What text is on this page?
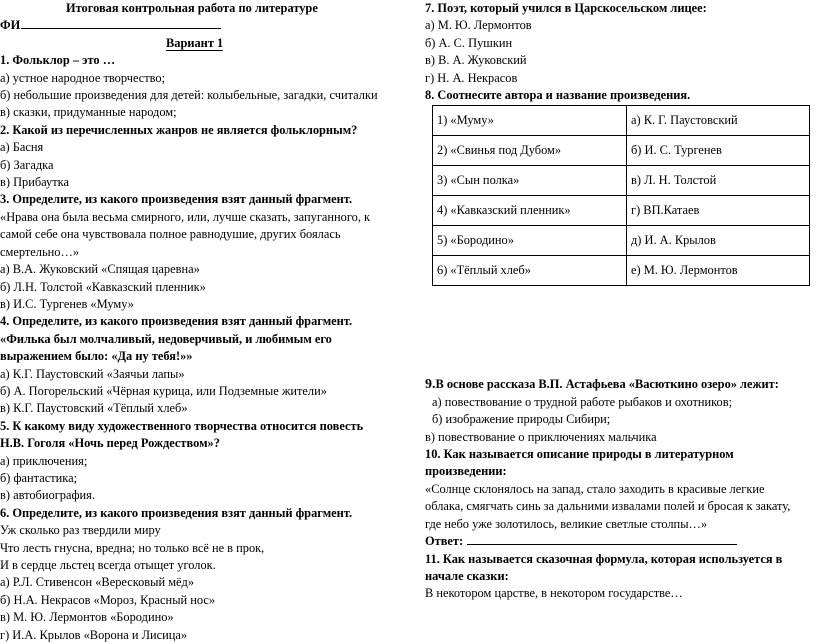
Итоговая контрольная работа по литературе
ФИ
Вариант 1
1. Фольклор – это …
а) устное народное творчество;
б) небольшие произведения для детей: колыбельные, загадки, считалки
в) сказки, придуманные народом;
2. Какой из перечисленных жанров не является фольклорным?
а) Басня
б) Загадка
в) Прибаутка
3. Определите, из какого произведения взят данный фрагмент.
«Нрава она была весьма смирного, или, лучше сказать, запуганного, к
самой себе она чувствовала полное равнодушие, других боялась
смертельно…»
а) В.А. Жуковский «Спящая царевна»
б) Л.Н. Толстой «Кавказский пленник»
в) И.С. Тургенев «Муму»
4. Определите, из какого произведения взят данный фрагмент.
«Филька был молчаливый, недоверчивый, и любимым его
выражением было: «Да ну тебя!»»
а) К.Г. Паустовский «Заячьи лапы»
б) А. Погорельский «Чёрная курица, или Подземные жители»
в) К.Г. Паустовский «Тёплый хлеб»
5. К какому виду художественного творчества относится повесть
Н.В. Гоголя «Ночь перед Рождеством»?
а) приключения;
б) фантастика;
в) автобиография.
6. Определите, из какого произведения взят данный фрагмент.
Уж сколько раз твердили миру
Что лесть гнусна, вредна; но только всё не в прок,
И в сердце льстец всегда отыщет уголок.
а) Р.Л. Стивенсон «Вересковый мёд»
б) Н.А. Некрасов «Мороз, Красный нос»
в) М. Ю. Лермонтов «Бородино»
г) И.А. Крылов «Ворона и Лисица»
7. Поэт, который учился в Царскосельском лицее:
а) М. Ю. Лермонтов
б) А. С. Пушкин
в) В. А. Жуковский
г) Н. А. Некрасов
8. Соотнесите автора и название произведения.
1) «Муму»	а) К. Г. Паустовский
2) «Свинья под Дубом»	б) И. С. Тургенев
3) «Сын полка»	в) Л. Н. Толстой
4) «Кавказский пленник»	г) ВП.Катаев
5) «Бородино»	д) И. А. Крылов
6) «Тёплый хлеб»	е) М. Ю. Лермонтов
9.В основе рассказа В.П. Астафьева «Васюткино озеро» лежит:
а) повествование о трудной работе рыбаков и охотников;
б) изображение природы Сибири;
в) повествование о приключениях мальчика
10. Как называется описание природы в литературном
произведении:
«Солнце склонялось на запад, стало заходить в красивые легкие
облака, смягчать синь за дальними извалами полей и бросая к закату,
где небо уже золотилось, великие светлые столпы…»
Ответ:
11. Как называется сказочная формула, которая используется в
начале сказки:
В некотором царстве, в некотором государстве…
